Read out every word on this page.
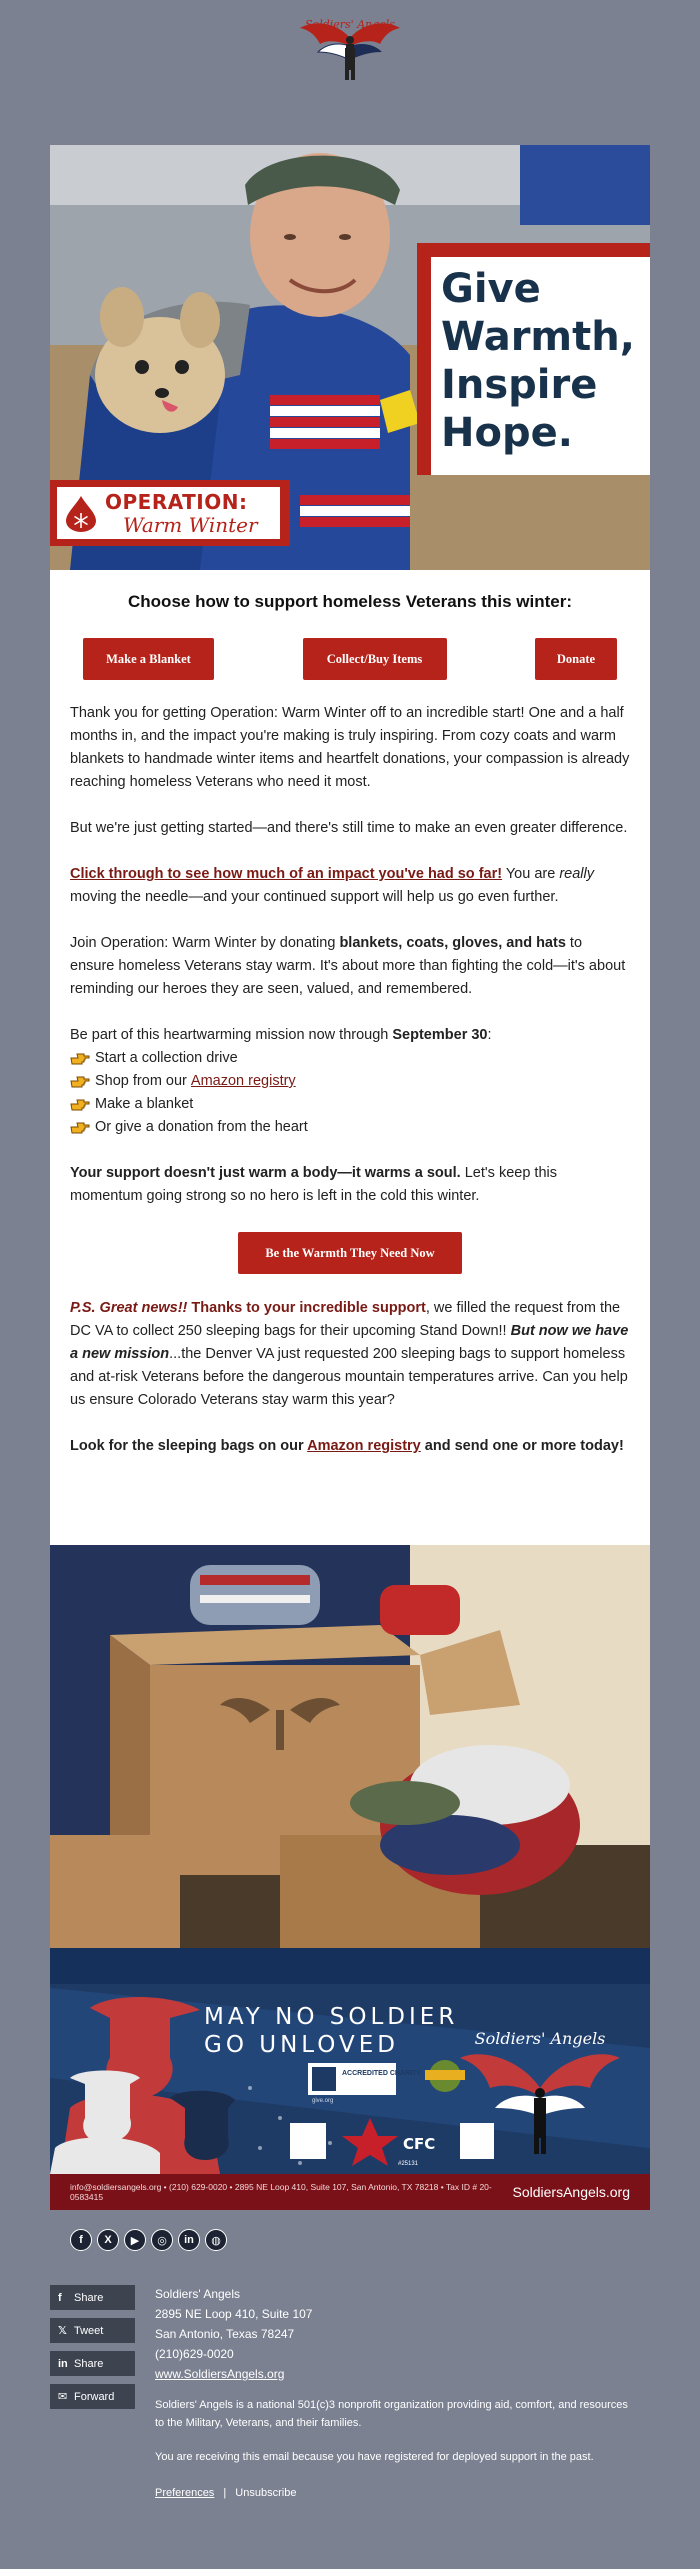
Soldiers' Angels
Give
Warmth,
Inspire
Hope.
OPERATION:
Warm Winter
Choose how to support homeless Veterans this winter:
Make a Blanket	Collect/Buy Items	Donate

Thank you for getting Operation: Warm Winter off to an incredible start! One and a half months in, and the impact you're making is truly inspiring. From cozy coats and warm blankets to handmade winter items and heartfelt donations, your compassion is already reaching homeless Veterans who need it most.

But we're just getting started—and there's still time to make an even greater difference.

Click through to see how much of an impact you've had so far! You are really moving the needle—and your continued support will help us go even further.

Join Operation: Warm Winter by donating blankets, coats, gloves, and hats to ensure homeless Veterans stay warm. It's about more than fighting the cold—it's about reminding our heroes they are seen, valued, and remembered.

Be part of this heartwarming mission now through September 30:

Start a collection drive
Shop from our
Amazon registry
Make a blanket
Or give a donation from the heart

Your support doesn't just warm a body—it warms a soul. Let's keep this momentum going strong so no hero is left in the cold this winter.

Be the Warmth They Need Now

P.S. Great news!! Thanks to your incredible support, we filled the request from the DC VA to collect 250 sleeping bags for their upcoming Stand Down!! But now we have a new mission...the Denver VA just requested 200 sleeping bags to support homeless and at-risk Veterans before the dangerous mountain temperatures arrive. Can you help us ensure Colorado Veterans stay warm this year?

Look for the sleeping bags on our Amazon registry and send one or more today!

Soldiers' Angels
MAY NO SOLDIER
GO UNLOVED
ACCREDITED CHARITY
give.org
CFC
#25131
info@soldiersangels.org • (210) 629-0020 • 2895 NE Loop 410, Suite 107, San Antonio, TX 78218 • Tax ID # 20-0583415	SoldiersAngels.org
f	X	▶	◎	in	◍
f	Share
𝕏 Tweet
in Share
✉ Forward
Soldiers' Angels
2895 NE Loop 410, Suite 107
San Antonio, Texas 78247
(210)629-0020
www.SoldiersAngels.org
Soldiers' Angels is a national 501(c)3 nonprofit organization providing aid, comfort, and resources to the Military, Veterans, and their families.
You are receiving this email because you have registered for deployed support in the past.
Preferences | Unsubscribe
